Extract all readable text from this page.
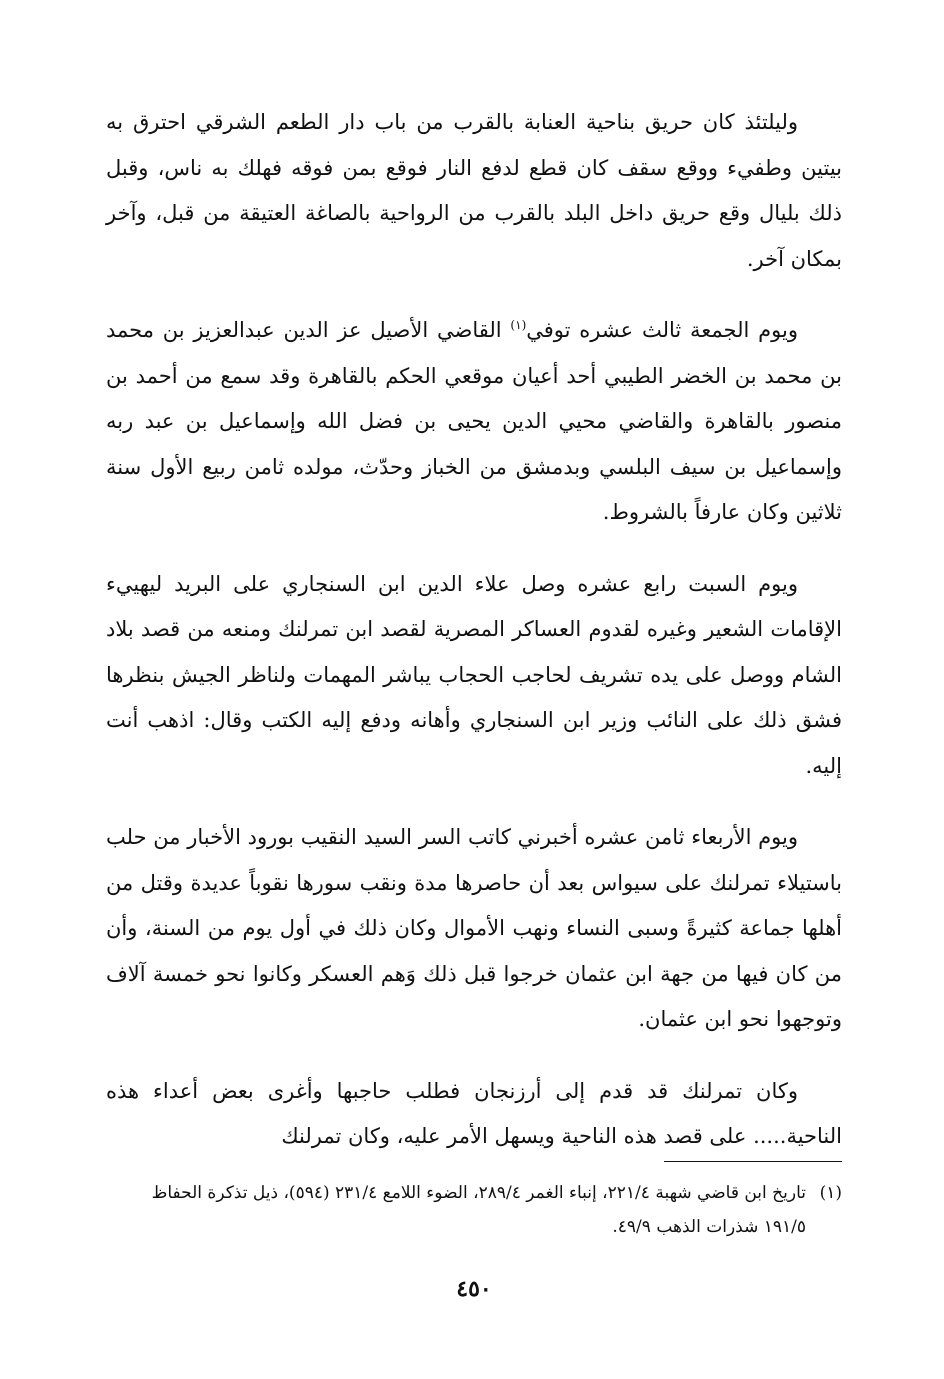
وليلتئذ كان حريق بناحية العنابة بالقرب من باب دار الطعم الشرقي احترق به بيتين وطفيء ووقع سقف كان قطع لدفع النار فوقع بمن فوقه فهلك به ناس، وقبل ذلك بليال وقع حريق داخل البلد بالقرب من الرواحية بالصاغة العتيقة من قبل، وآخر بمكان آخر.

ويوم الجمعة ثالث عشره توفي$^{(١)}$ القاضي الأصيل عز الدين عبدالعزيز بن محمد بن محمد بن الخضر الطيبي أحد أعيان موقعي الحكم بالقاهرة وقد سمع من أحمد بن منصور بالقاهرة والقاضي محيي الدين يحيى بن فضل الله وإسماعيل بن عبد ربه وإسماعيل بن سيف البلسي وبدمشق من الخباز وحدّث، مولده ثامن ربيع الأول سنة ثلاثين وكان عارفاً بالشروط.

ويوم السبت رابع عشره وصل علاء الدين ابن السنجاري على البريد ليهييء الإقامات الشعير وغيره لقدوم العساكر المصرية لقصد ابن تمرلنك ومنعه من قصد بلاد الشام ووصل على يده تشريف لحاجب الحجاب يباشر المهمات ولناظر الجيش بنظرها فشق ذلك على النائب وزير ابن السنجاري وأهانه ودفع إليه الكتب وقال: اذهب أنت إليه.

ويوم الأربعاء ثامن عشره أخبرني كاتب السر السيد النقيب بورود الأخبار من حلب باستيلاء تمرلنك على سيواس بعد أن حاصرها مدة ونقب سورها نقوباً عديدة وقتل من أهلها جماعة كثيرةً وسبى النساء ونهب الأموال وكان ذلك في أول يوم من السنة، وأن من كان فيها من جهة ابن عثمان خرجوا قبل ذلك وَهم العسكر وكانوا نحو خمسة آلاف وتوجهوا نحو ابن عثمان.

وكان تمرلنك قد قدم إلى أرزنجان فطلب حاجبها وأغرى بعض أعداء هذه الناحية..... على قصد هذه الناحية ويسهل الأمر عليه، وكان تمرلنك

(١)
تاريخ ابن قاضي شهبة ٢٢١/٤، إنباء الغمر ٢٨٩/٤، الضوء اللامع ٢٣١/٤ (٥٩٤)، ذيل تذكرة الحفاظ ١٩١/٥ شذرات الذهب ٤٩/٩.

٤٥٠
